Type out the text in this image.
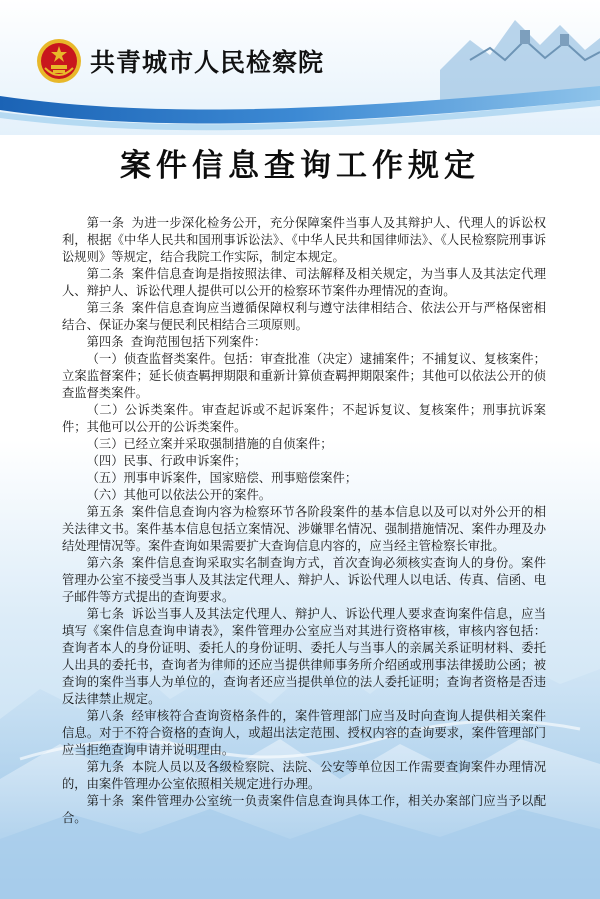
共青城市人民检察院
案件信息查询工作规定

第一条 为进一步深化检务公开，充分保障案件当事人及其辩护人、代理人的诉讼权利，根据《中华人民共和国刑事诉讼法》、《中华人民共和国律师法》、《人民检察院刑事诉讼规则》等规定，结合我院工作实际，制定本规定。

第二条 案件信息查询是指按照法律、司法解释及相关规定，为当事人及其法定代理人、辩护人、诉讼代理人提供可以公开的检察环节案件办理情况的查询。

第三条 案件信息查询应当遵循保障权利与遵守法律相结合、依法公开与严格保密相结合、保证办案与便民利民相结合三项原则。

第四条 查询范围包括下列案件：

（一）侦查监督类案件。包括：审查批准（决定）逮捕案件；不捕复议、复核案件；立案监督案件；延长侦查羁押期限和重新计算侦查羁押期限案件；其他可以依法公开的侦查监督类案件。

（二）公诉类案件。审查起诉或不起诉案件；不起诉复议、复核案件；刑事抗诉案件；其他可以公开的公诉类案件。

（三）已经立案并采取强制措施的自侦案件；

（四）民事、行政申诉案件；

（五）刑事申诉案件，国家赔偿、刑事赔偿案件；

（六）其他可以依法公开的案件。

第五条 案件信息查询内容为检察环节各阶段案件的基本信息以及可以对外公开的相关法律文书。案件基本信息包括立案情况、涉嫌罪名情况、强制措施情况、案件办理及办结处理情况等。案件查询如果需要扩大查询信息内容的，应当经主管检察长审批。

第六条 案件信息查询采取实名制查询方式，首次查询必须核实查询人的身份。案件管理办公室不接受当事人及其法定代理人、辩护人、诉讼代理人以电话、传真、信函、电子邮件等方式提出的查询要求。

第七条 诉讼当事人及其法定代理人、辩护人、诉讼代理人要求查询案件信息，应当填写《案件信息查询申请表》，案件管理办公室应当对其进行资格审核，审核内容包括：查询者本人的身份证明、委托人的身份证明、委托人与当事人的亲属关系证明材料、委托人出具的委托书，查询者为律师的还应当提供律师事务所介绍函或刑事法律援助公函；被查询的案件当事人为单位的，查询者还应当提供单位的法人委托证明；查询者资格是否违反法律禁止规定。

第八条 经审核符合查询资格条件的，案件管理部门应当及时向查询人提供相关案件信息。对于不符合资格的查询人，或超出法定范围、授权内容的查询要求，案件管理部门应当拒绝查询申请并说明理由。

第九条 本院人员以及各级检察院、法院、公安等单位因工作需要查询案件办理情况的，由案件管理办公室依照相关规定进行办理。

第十条 案件管理办公室统一负责案件信息查询具体工作，相关办案部门应当予以配合。
